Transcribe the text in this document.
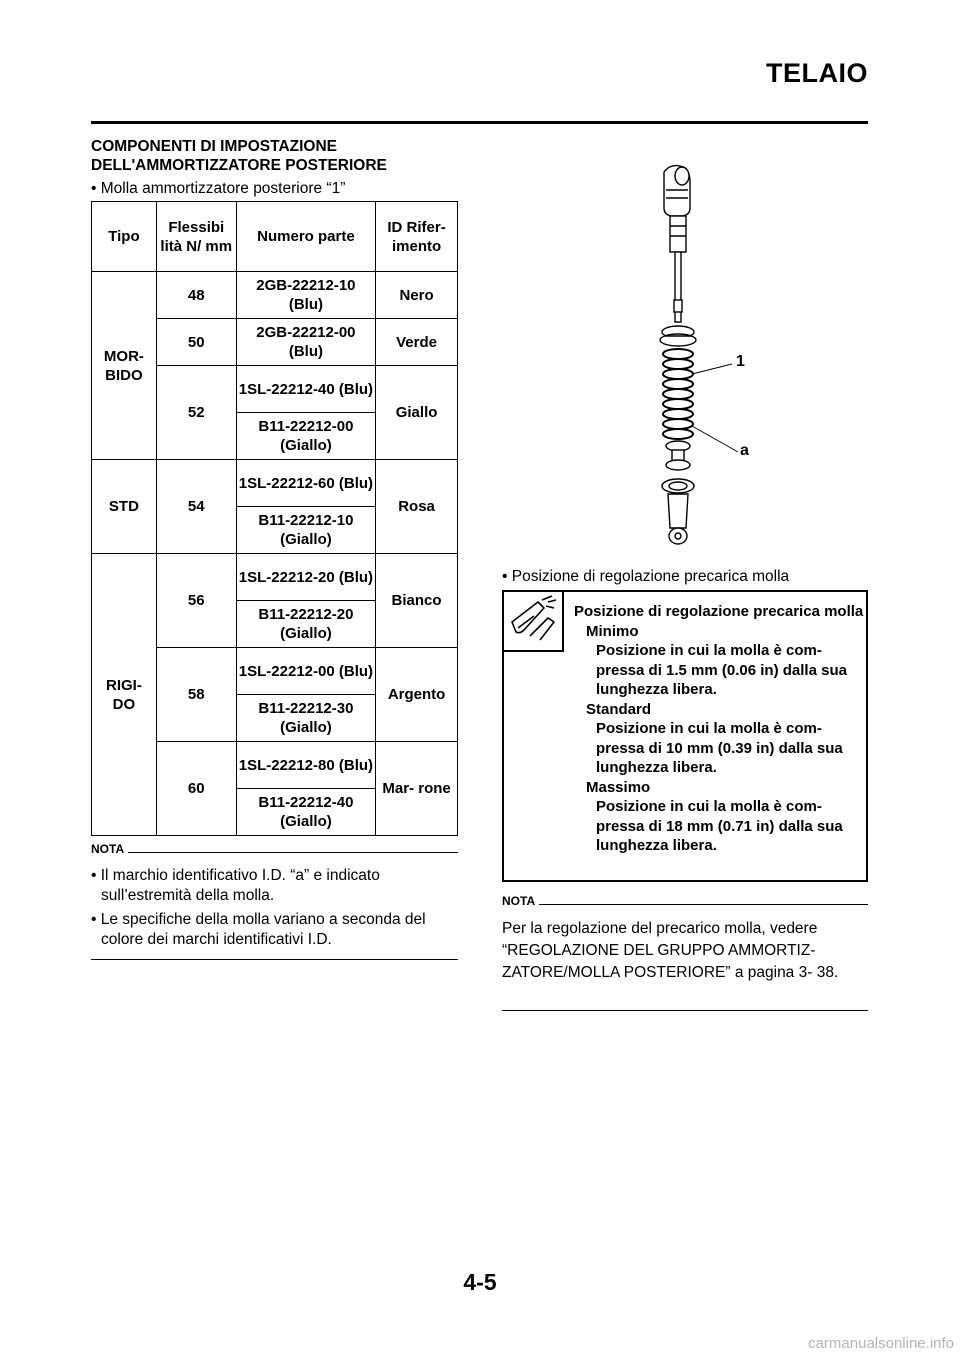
TELAIO
COMPONENTI DI IMPOSTAZIONE
DELL'AMMORTIZZATORE POSTERIORE
• Molla ammortizzatore posteriore “1”
Tipo	Flessibi lità N/ mm	Numero parte	ID Rifer- imento
MOR- BIDO	48	2GB-22212-10 (Blu)	Nero
	50	2GB-22212-00 (Blu)	Verde
	52	1SL-22212-40 (Blu)	Giallo
		B11-22212-00 (Giallo)	
STD	54	1SL-22212-60 (Blu)	Rosa
		B11-22212-10 (Giallo)	
RIGI- DO	56	1SL-22212-20 (Blu)	Bianco
		B11-22212-20 (Giallo)	
	58	1SL-22212-00 (Blu)	Argento
		B11-22212-30 (Giallo)	
	60	1SL-22212-80 (Blu)	Mar- rone
		B11-22212-40 (Giallo)	
NOTA
• Il marchio identificativo I.D. “a” e indicato sull’estremità della molla.
• Le specifiche della molla variano a seconda del colore dei marchi identificativi I.D.
1
a
• Posizione di regolazione precarica molla
Posizione di regolazione precarica molla
Minimo
Posizione in cui la molla è com- pressa di 1.5 mm (0.06 in) dalla sua lunghezza libera.
Standard
Posizione in cui la molla è com- pressa di 10 mm (0.39 in) dalla sua lunghezza libera.
Massimo
Posizione in cui la molla è com- pressa di 18 mm (0.71 in) dalla sua lunghezza libera.
NOTA
Per la regolazione del precarico molla, vedere “REGOLAZIONE DEL GRUPPO AMMORTIZ- ZATORE/MOLLA POSTERIORE” a pagina 3- 38.
4-5
carmanualsonline.info
